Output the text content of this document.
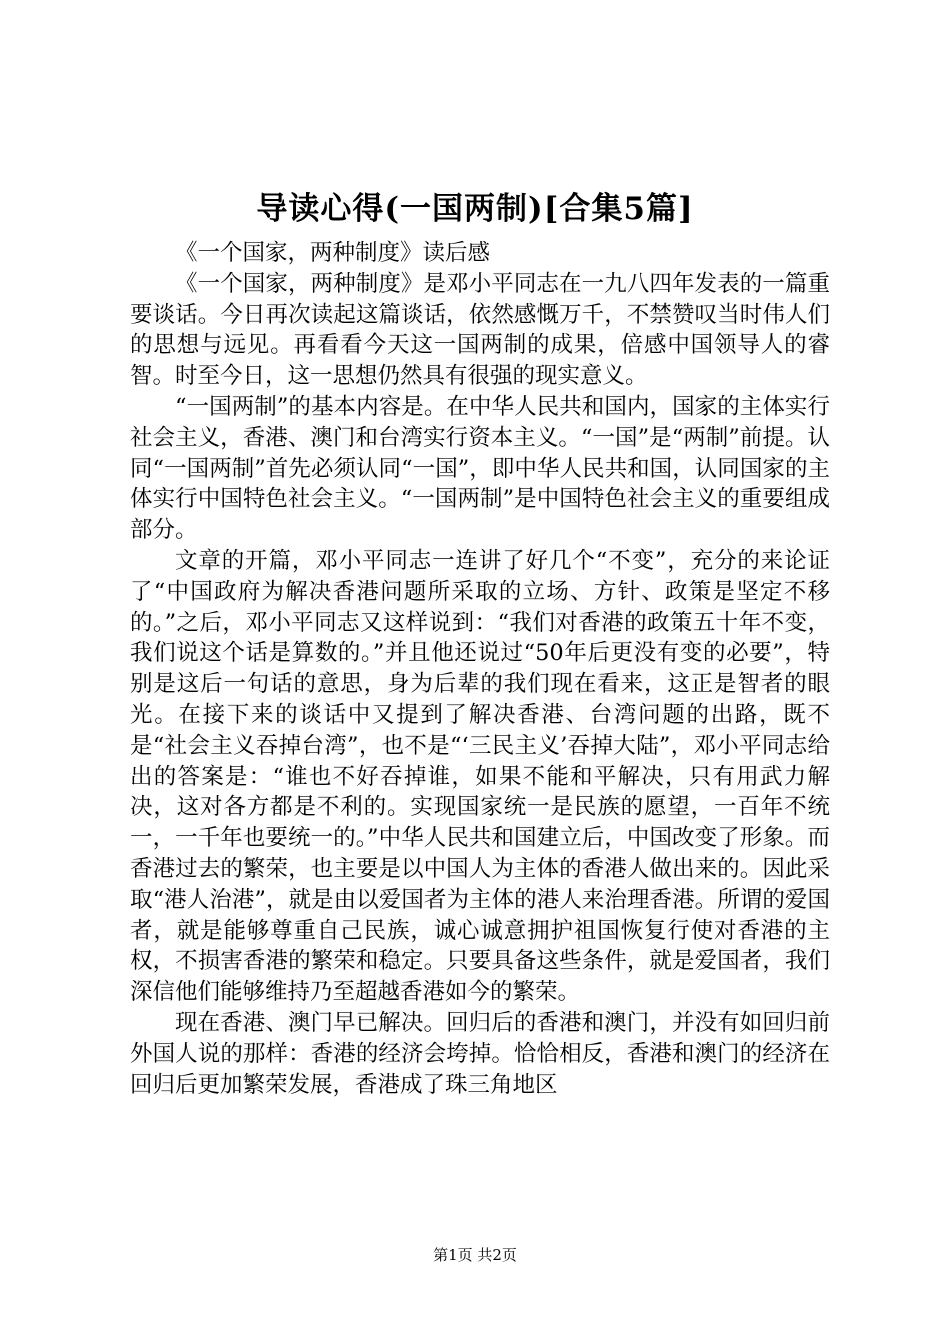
导读心得(一国两制)[合集5篇]

《一个国家，两种制度》读后感

《一个国家，两种制度》是邓小平同志在一九八四年发表的一篇重要谈话。今日再次读起这篇谈话，依然感慨万千，不禁赞叹当时伟人们的思想与远见。再看看今天这一国两制的成果，倍感中国领导人的睿智。时至今日，这一思想仍然具有很强的现实意义。

“一国两制”的基本内容是。在中华人民共和国内，国家的主体实行社会主义，香港、澳门和台湾实行资本主义。“一国”是“两制”前提。认同“一国两制”首先必须认同“一国”，即中华人民共和国，认同国家的主体实行中国特色社会主义。“一国两制”是中国特色社会主义的重要组成部分。

文章的开篇，邓小平同志一连讲了好几个“不变”，充分的来论证了“中国政府为解决香港问题所采取的立场、方针、政策是坚定不移的。”之后，邓小平同志又这样说到：“我们对香港的政策五十年不变，我们说这个话是算数的。”并且他还说过“50年后更没有变的必要”，特别是这后一句话的意思，身为后辈的我们现在看来，这正是智者的眼光。在接下来的谈话中又提到了解决香港、台湾问题的出路，既不是“社会主义吞掉台湾”，也不是“‘三民主义’吞掉大陆”，邓小平同志给出的答案是：“谁也不好吞掉谁，如果不能和平解决，只有用武力解决，这对各方都是不利的。实现国家统一是民族的愿望，一百年不统一，一千年也要统一的。”中华人民共和国建立后，中国改变了形象。而香港过去的繁荣，也主要是以中国人为主体的香港人做出来的。因此采取“港人治港”，就是由以爱国者为主体的港人来治理香港。所谓的爱国者，就是能够尊重自己民族，诚心诚意拥护祖国恢复行使对香港的主权，不损害香港的繁荣和稳定。只要具备这些条件，就是爱国者，我们深信他们能够维持乃至超越香港如今的繁荣。

现在香港、澳门早已解决。回归后的香港和澳门，并没有如回归前外国人说的那样：香港的经济会垮掉。恰恰相反，香港和澳门的经济在回归后更加繁荣发展，香港成了珠三角地区

第1页 共2页
